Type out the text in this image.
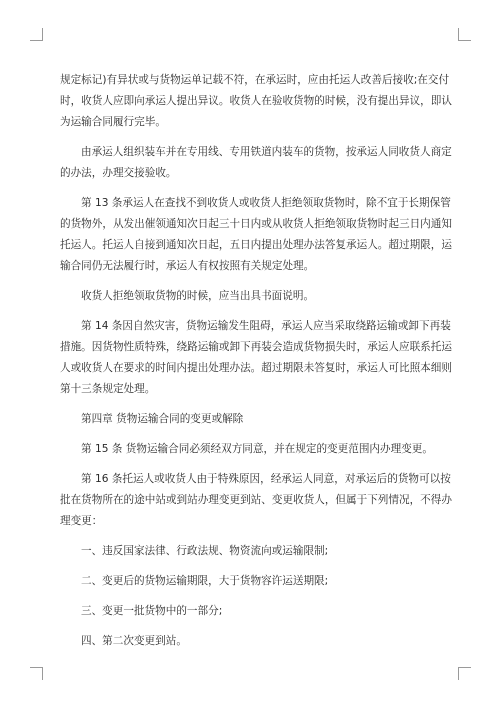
规定标记)有异状或与货物运单记载不符，在承运时，应由托运人改善后接收;在交付
时，收货人应即向承运人提出异议。收货人在验收货物的时候，没有提出异议，即认
为运输合同履行完毕。
由承运人组织装车并在专用线、专用铁道内装车的货物，按承运人同收货人商定
的办法，办理交接验收。
第 13 条承运人在查找不到收货人或收货人拒绝领取货物时，除不宜于长期保管
的货物外，从发出催领通知次日起三十日内或从收货人拒绝领取货物时起三日内通知
托运人。托运人自接到通知次日起，五日内提出处理办法答复承运人。超过期限，运
输合同仍无法履行时，承运人有权按照有关规定处理。
收货人拒绝领取货物的时候，应当出具书面说明。
第 14 条因自然灾害，货物运输发生阻碍，承运人应当采取绕路运输或卸下再装
措施。因货物性质特殊，绕路运输或卸下再装会造成货物损失时，承运人应联系托运
人或收货人在要求的时间内提出处理办法。超过期限未答复时，承运人可比照本细则
第十三条规定处理。
第四章 货物运输合同的变更或解除
第 15 条 货物运输合同必须经双方同意，并在规定的变更范围内办理变更。
第 16 条托运人或收货人由于特殊原因，经承运人同意，对承运后的货物可以按
批在货物所在的途中站或到站办理变更到站、变更收货人，但属于下列情况，不得办
理变更：
一、违反国家法律、行政法规、物资流向或运输限制;
二、变更后的货物运输期限，大于货物容许运送期限;
三、变更一批货物中的一部分;
四、第二次变更到站。
